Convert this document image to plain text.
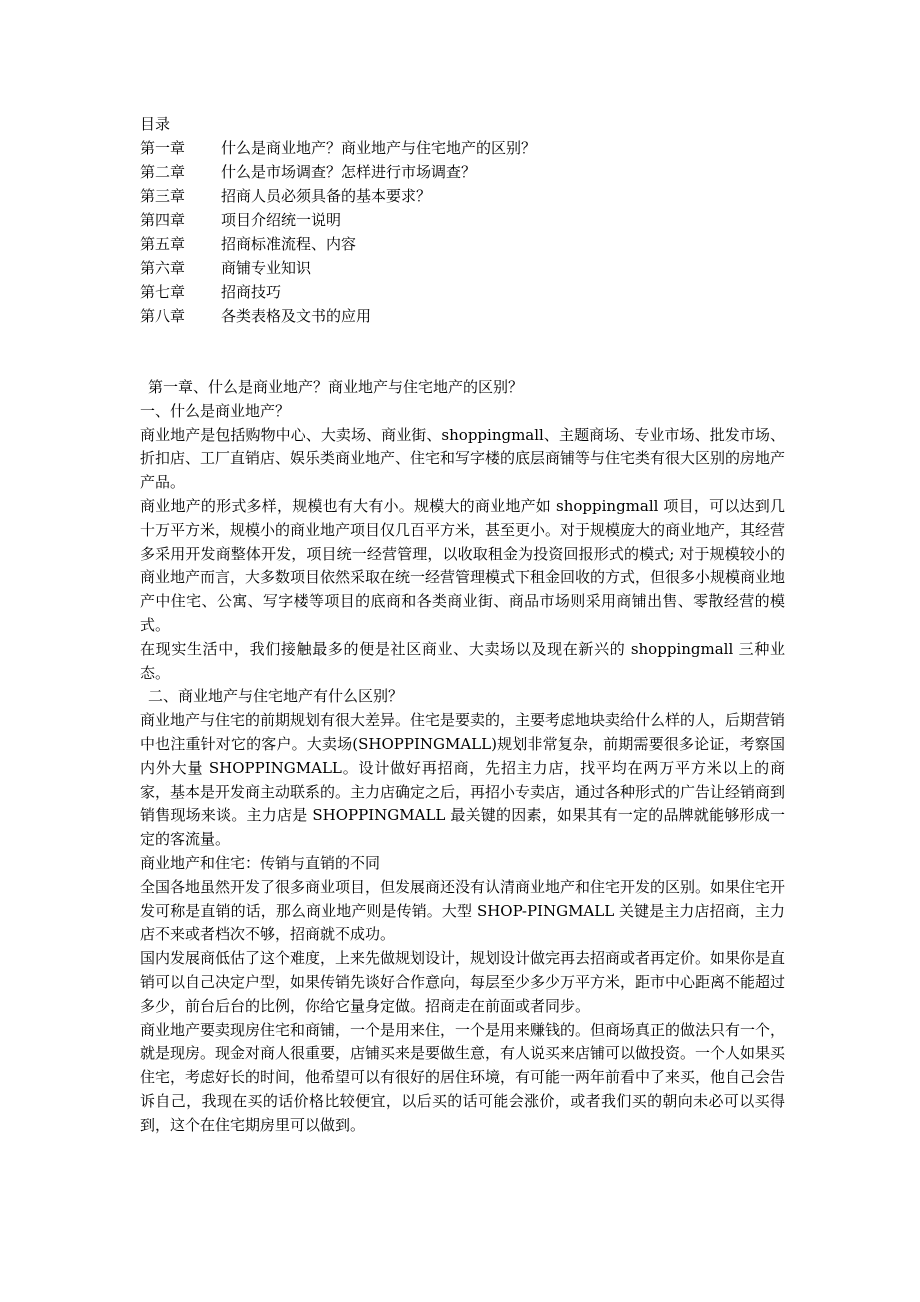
目录
第一章	什么是商业地产？商业地产与住宅地产的区别？
第二章	什么是市场调查？怎样进行市场调查？
第三章	招商人员必须具备的基本要求？
第四章	项目介绍统一说明
第五章	招商标准流程、内容
第六章	商铺专业知识
第七章	招商技巧
第八章	各类表格及文书的应用

第一章、什么是商业地产？商业地产与住宅地产的区别？

一、什么是商业地产？

商业地产是包括购物中心、大卖场、商业街、shoppingmall、主题商场、专业市场、批发市场、折扣店、工厂直销店、娱乐类商业地产、住宅和写字楼的底层商铺等与住宅类有很大区别的房地产产品。

商业地产的形式多样，规模也有大有小。规模大的商业地产如 shoppingmall 项目，可以达到几十万平方米，规模小的商业地产项目仅几百平方米，甚至更小。对于规模庞大的商业地产，其经营多采用开发商整体开发，项目统一经营管理，以收取租金为投资回报形式的模式; 对于规模较小的商业地产而言，大多数项目依然采取在统一经营管理模式下租金回收的方式，但很多小规模商业地产中住宅、公寓、写字楼等项目的底商和各类商业街、商品市场则采用商铺出售、零散经营的模式。

在现实生活中，我们接触最多的便是社区商业、大卖场以及现在新兴的 shoppingmall 三种业态。

二、商业地产与住宅地产有什么区别？

商业地产与住宅的前期规划有很大差异。住宅是要卖的，主要考虑地块卖给什么样的人，后期营销中也注重针对它的客户。大卖场(SHOPPINGMALL)规划非常复杂，前期需要很多论证，考察国内外大量 SHOPPINGMALL。设计做好再招商，先招主力店，找平均在两万平方米以上的商家，基本是开发商主动联系的。主力店确定之后，再招小专卖店，通过各种形式的广告让经销商到销售现场来谈。主力店是 SHOPPINGMALL 最关键的因素，如果其有一定的品牌就能够形成一定的客流量。

商业地产和住宅：传销与直销的不同

全国各地虽然开发了很多商业项目，但发展商还没有认清商业地产和住宅开发的区别。如果住宅开发可称是直销的话，那么商业地产则是传销。大型 SHOP-PINGMALL 关键是主力店招商，主力店不来或者档次不够，招商就不成功。

国内发展商低估了这个难度，上来先做规划设计，规划设计做完再去招商或者再定价。如果你是直销可以自己决定户型，如果传销先谈好合作意向，每层至少多少万平方米，距市中心距离不能超过多少，前台后台的比例，你给它量身定做。招商走在前面或者同步。

商业地产要卖现房住宅和商铺，一个是用来住，一个是用来赚钱的。但商场真正的做法只有一个，就是现房。现金对商人很重要，店铺买来是要做生意，有人说买来店铺可以做投资。一个人如果买住宅，考虑好长的时间，他希望可以有很好的居住环境，有可能一两年前看中了来买，他自己会告诉自己，我现在买的话价格比较便宜，以后买的话可能会涨价，或者我们买的朝向未必可以买得到，这个在住宅期房里可以做到。
